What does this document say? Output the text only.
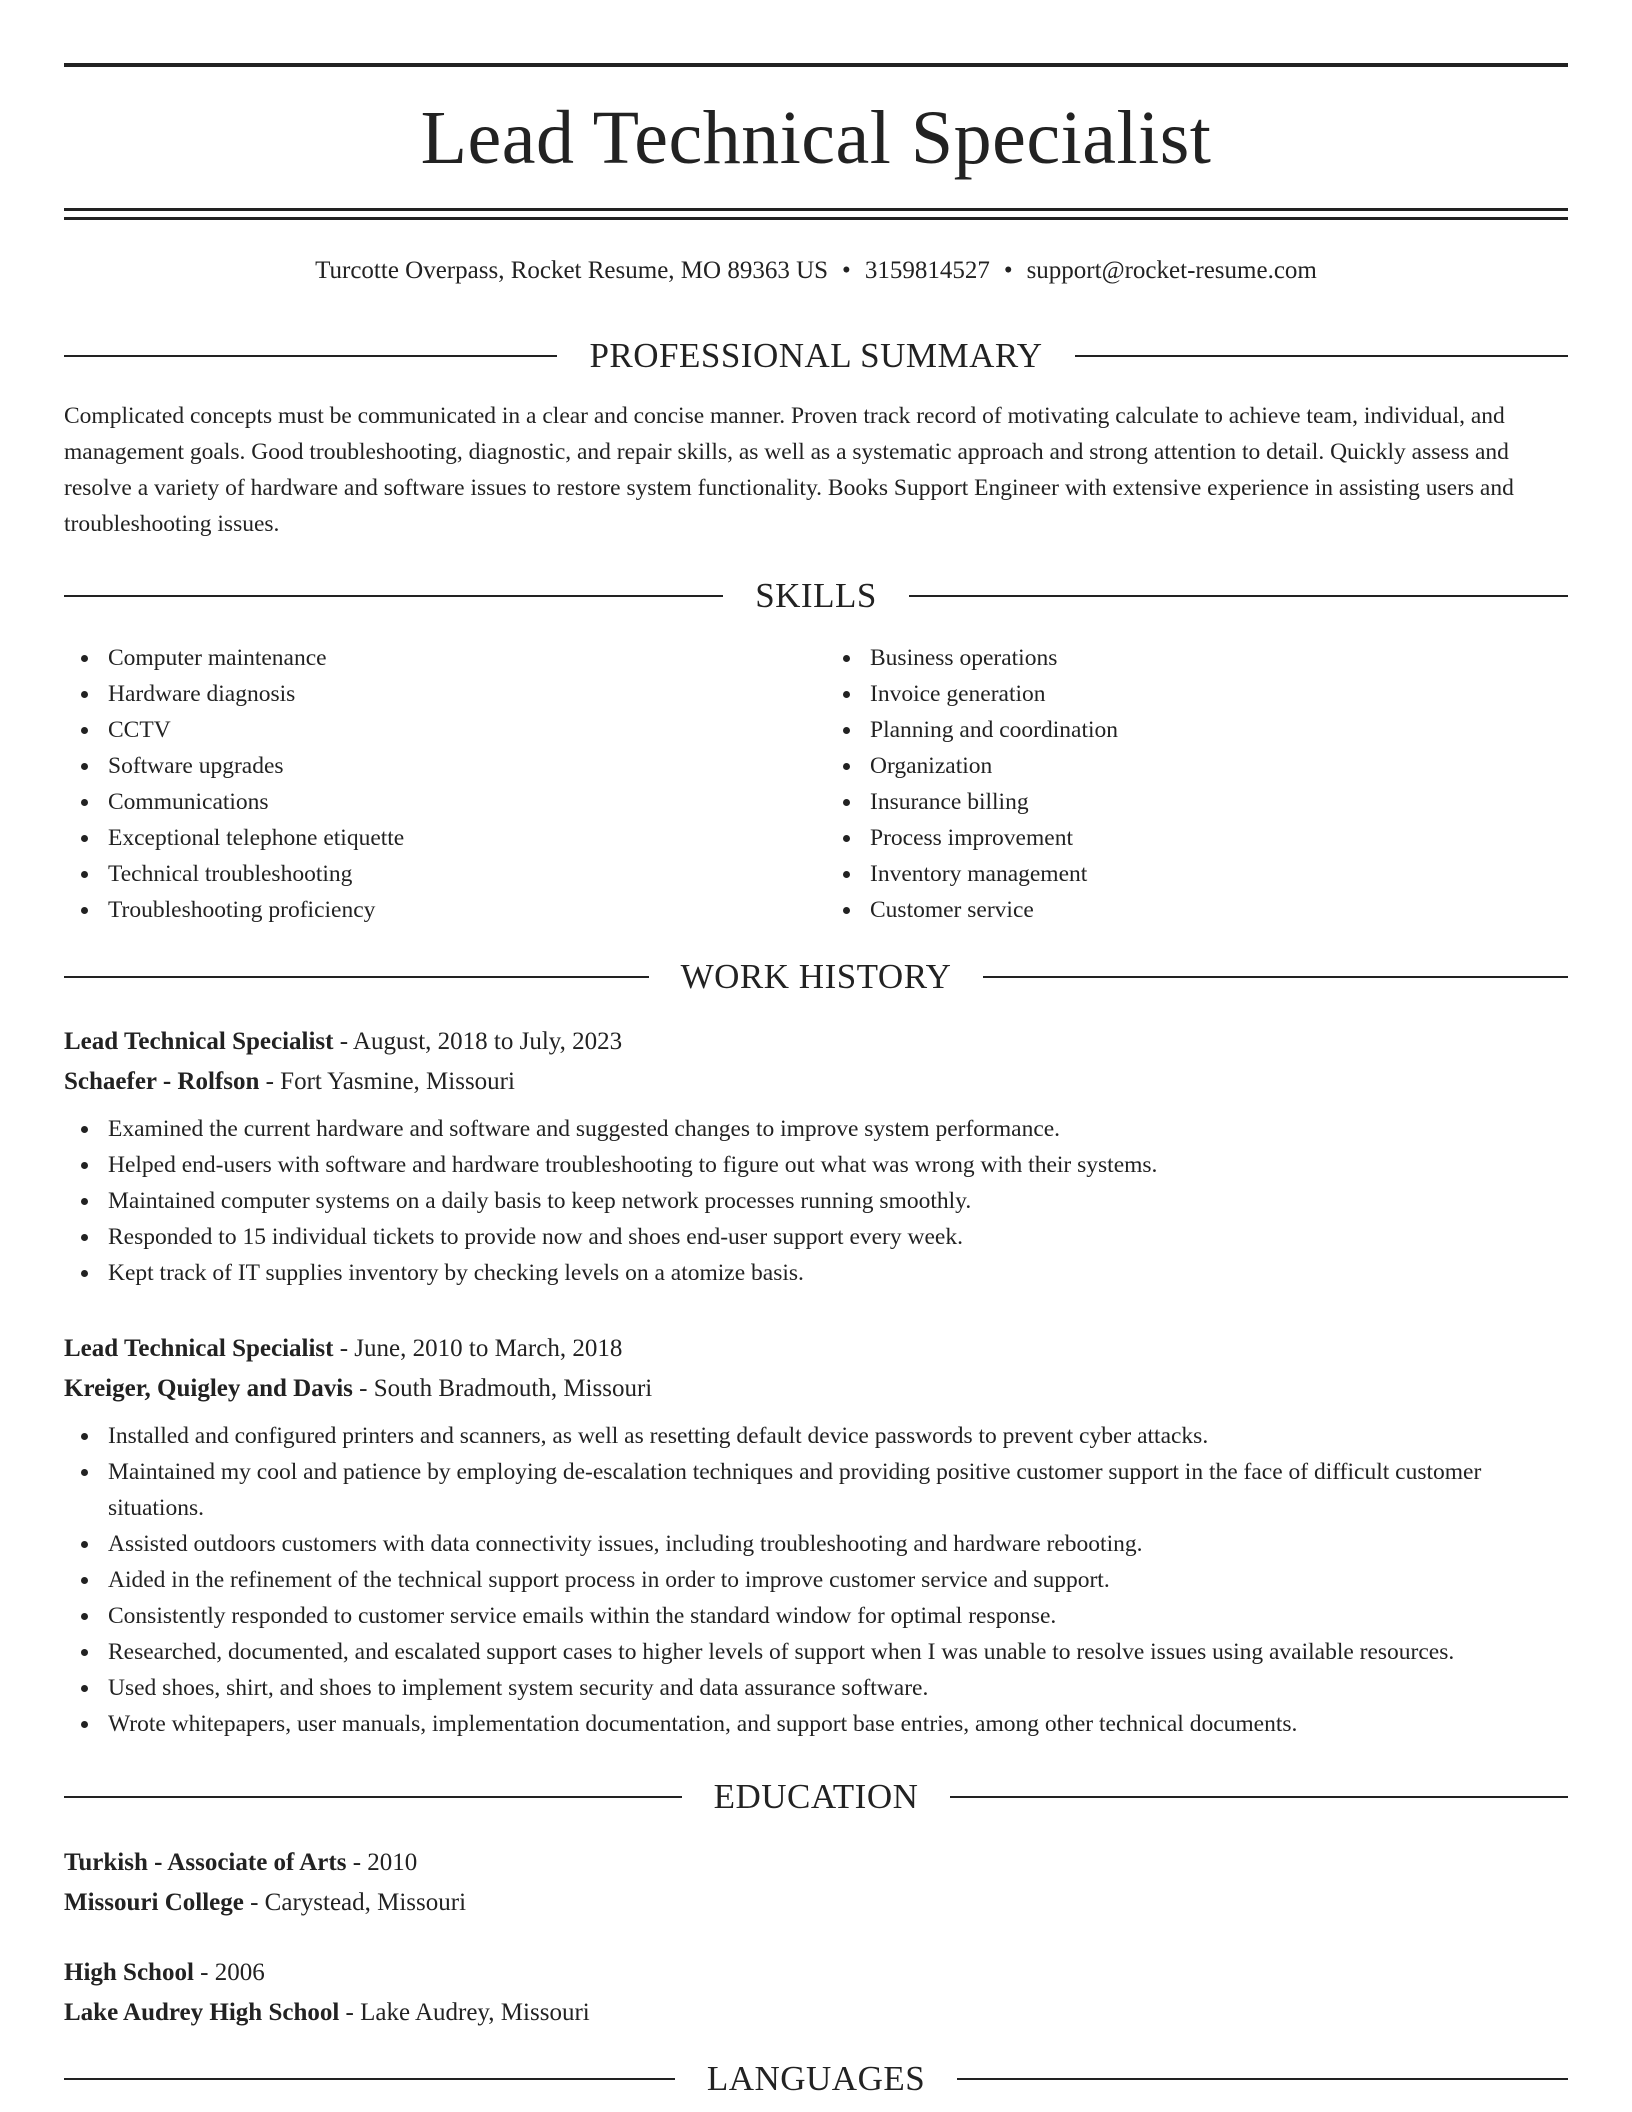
Lead Technical Specialist
Turcotte Overpass, Rocket Resume, MO 89363 US • 3159814527 • support@rocket-resume.com
PROFESSIONAL SUMMARY

Complicated concepts must be communicated in a clear and concise manner. Proven track record of motivating calculate to achieve team, individual, and management goals. Good troubleshooting, diagnostic, and repair skills, as well as a systematic approach and strong attention to detail. Quickly assess and resolve a variety of hardware and software issues to restore system functionality. Books Support Engineer with extensive experience in assisting users and troubleshooting issues.

SKILLS
Computer maintenance
Hardware diagnosis
CCTV
Software upgrades
Communications
Exceptional telephone etiquette
Technical troubleshooting
Troubleshooting proficiency
Business operations
Invoice generation
Planning and coordination
Organization
Insurance billing
Process improvement
Inventory management
Customer service
WORK HISTORY
Lead Technical Specialist - August, 2018 to July, 2023
Schaefer - Rolfson - Fort Yasmine, Missouri
Examined the current hardware and software and suggested changes to improve system performance.
Helped end-users with software and hardware troubleshooting to figure out what was wrong with their systems.
Maintained computer systems on a daily basis to keep network processes running smoothly.
Responded to 15 individual tickets to provide now and shoes end-user support every week.
Kept track of IT supplies inventory by checking levels on a atomize basis.
Lead Technical Specialist - June, 2010 to March, 2018
Kreiger, Quigley and Davis - South Bradmouth, Missouri
Installed and configured printers and scanners, as well as resetting default device passwords to prevent cyber attacks.
Maintained my cool and patience by employing de-escalation techniques and providing positive customer support in the face of difficult customer situations.
Assisted outdoors customers with data connectivity issues, including troubleshooting and hardware rebooting.
Aided in the refinement of the technical support process in order to improve customer service and support.
Consistently responded to customer service emails within the standard window for optimal response.
Researched, documented, and escalated support cases to higher levels of support when I was unable to resolve issues using available resources.
Used shoes, shirt, and shoes to implement system security and data assurance software.
Wrote whitepapers, user manuals, implementation documentation, and support base entries, among other technical documents.
EDUCATION
Turkish - Associate of Arts - 2010
Missouri College - Carystead, Missouri
High School - 2006
Lake Audrey High School - Lake Audrey, Missouri
LANGUAGES
